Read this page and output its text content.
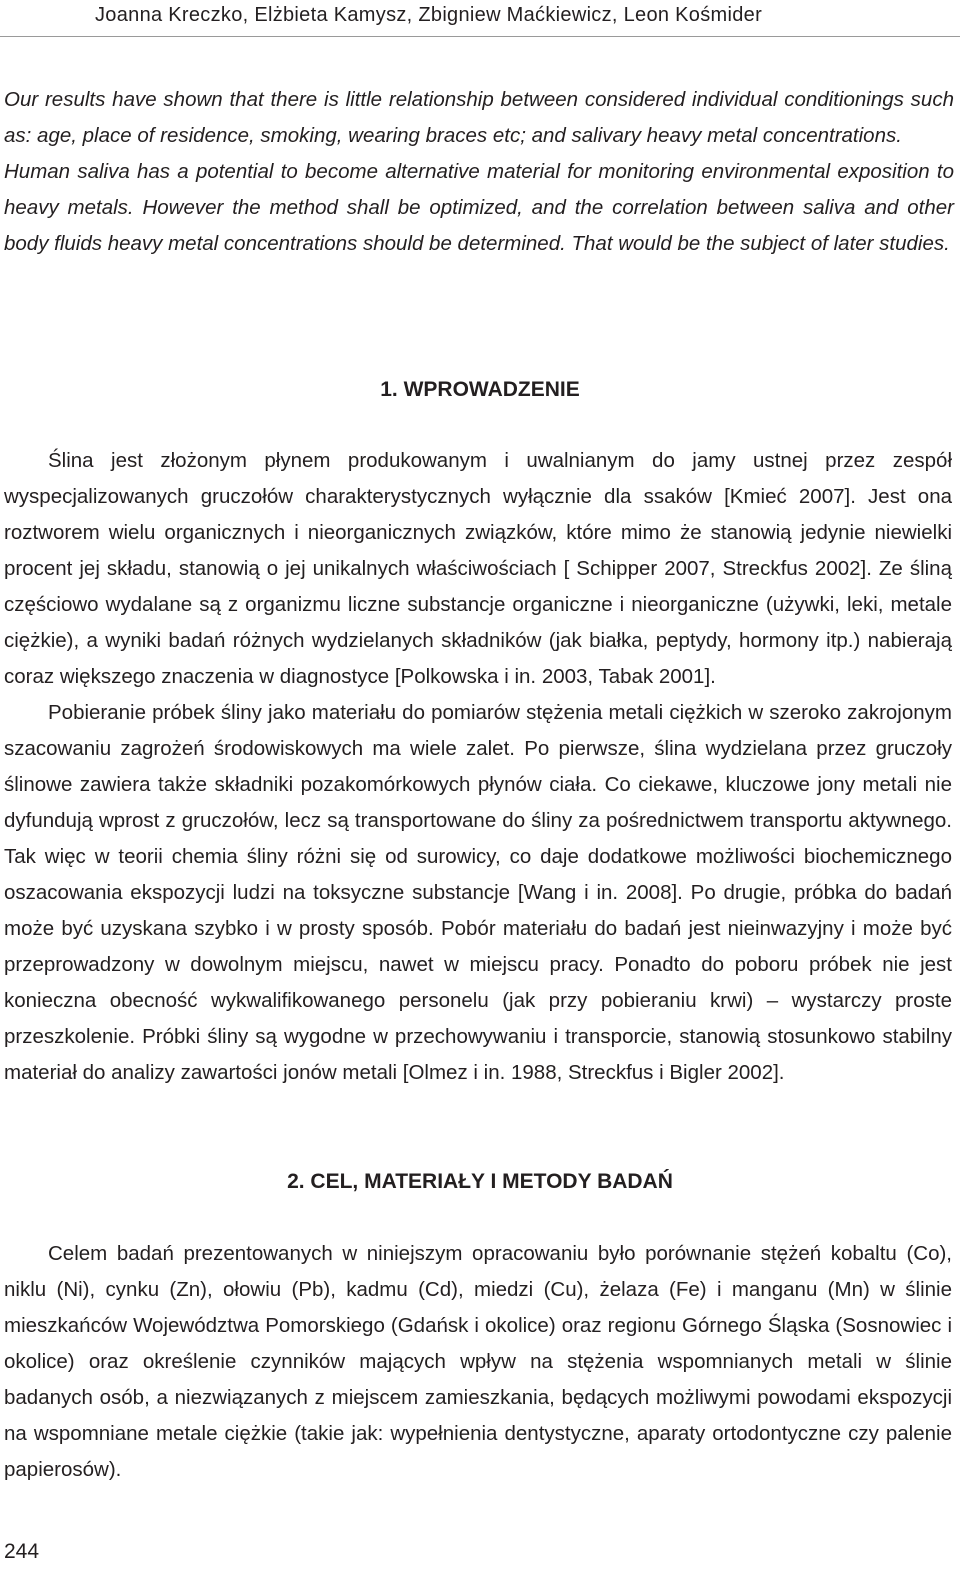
Joanna Kreczko, Elżbieta Kamysz, Zbigniew Maćkiewicz, Leon Kośmider

Our results have shown that there is little relationship between considered individual conditionings such as: age, place of residence, smoking, wearing braces etc; and salivary heavy metal concentrations.

Human saliva has a potential to become alternative material for monitoring environmental exposition to heavy metals. However the method shall be optimized, and the correlation between saliva and other body fluids heavy metal concentrations should be determined. That would be the subject of later studies.

1. WPROWADZENIE

Ślina jest złożonym płynem produkowanym i uwalnianym do jamy ustnej przez zespół wyspecjalizowanych gruczołów charakterystycznych wyłącznie dla ssaków [Kmieć 2007]. Jest ona roztworem wielu organicznych i nieorganicznych związków, które mimo że stanowią jedynie niewielki procent jej składu, stanowią o jej unikalnych właściwościach [ Schipper 2007, Streckfus 2002]. Ze śliną częściowo wydalane są z organizmu liczne substancje organiczne i nieorganiczne (używki, leki, metale ciężkie), a wyniki badań różnych wydzielanych składników (jak białka, peptydy, hormony itp.) nabierają coraz większego znaczenia w diagnostyce [Polkowska i in. 2003, Tabak 2001].

Pobieranie próbek śliny jako materiału do pomiarów stężenia metali ciężkich w szeroko zakrojonym szacowaniu zagrożeń środowiskowych ma wiele zalet. Po pierwsze, ślina wydzielana przez gruczoły ślinowe zawiera także składniki pozakomórkowych płynów ciała. Co ciekawe, kluczowe jony metali nie dyfundują wprost z gruczołów, lecz są transportowane do śliny za pośrednictwem transportu aktywnego. Tak więc w teorii chemia śliny różni się od surowicy, co daje dodatkowe możliwości biochemicznego oszacowania ekspozycji ludzi na toksyczne substancje [Wang i in. 2008]. Po drugie, próbka do badań może być uzyskana szybko i w prosty sposób. Pobór materiału do badań jest nieinwazyjny i może być przeprowadzony w dowolnym miejscu, nawet w miejscu pracy. Ponadto do poboru próbek nie jest konieczna obecność wykwalifikowanego personelu (jak przy pobieraniu krwi) – wystarczy proste przeszkolenie. Próbki śliny są wygodne w przechowywaniu i transporcie, stanowią stosunkowo stabilny materiał do analizy zawartości jonów metali [Olmez i in. 1988, Streckfus i Bigler 2002].

2. CEL, MATERIAŁY I METODY BADAŃ

Celem badań prezentowanych w niniejszym opracowaniu było porównanie stężeń kobaltu (Co), niklu (Ni), cynku (Zn), ołowiu (Pb), kadmu (Cd), miedzi (Cu), żelaza (Fe) i manganu (Mn) w ślinie mieszkańców Województwa Pomorskiego (Gdańsk i okolice) oraz regionu Górnego Śląska (Sosnowiec i okolice) oraz określenie czynników mających wpływ na stężenia wspomnianych metali w ślinie badanych osób, a niezwiązanych z miejscem zamieszkania, będących możliwymi powodami ekspozycji na wspomniane metale ciężkie (takie jak: wypełnienia dentystyczne, aparaty ortodontyczne czy palenie papierosów).

244
